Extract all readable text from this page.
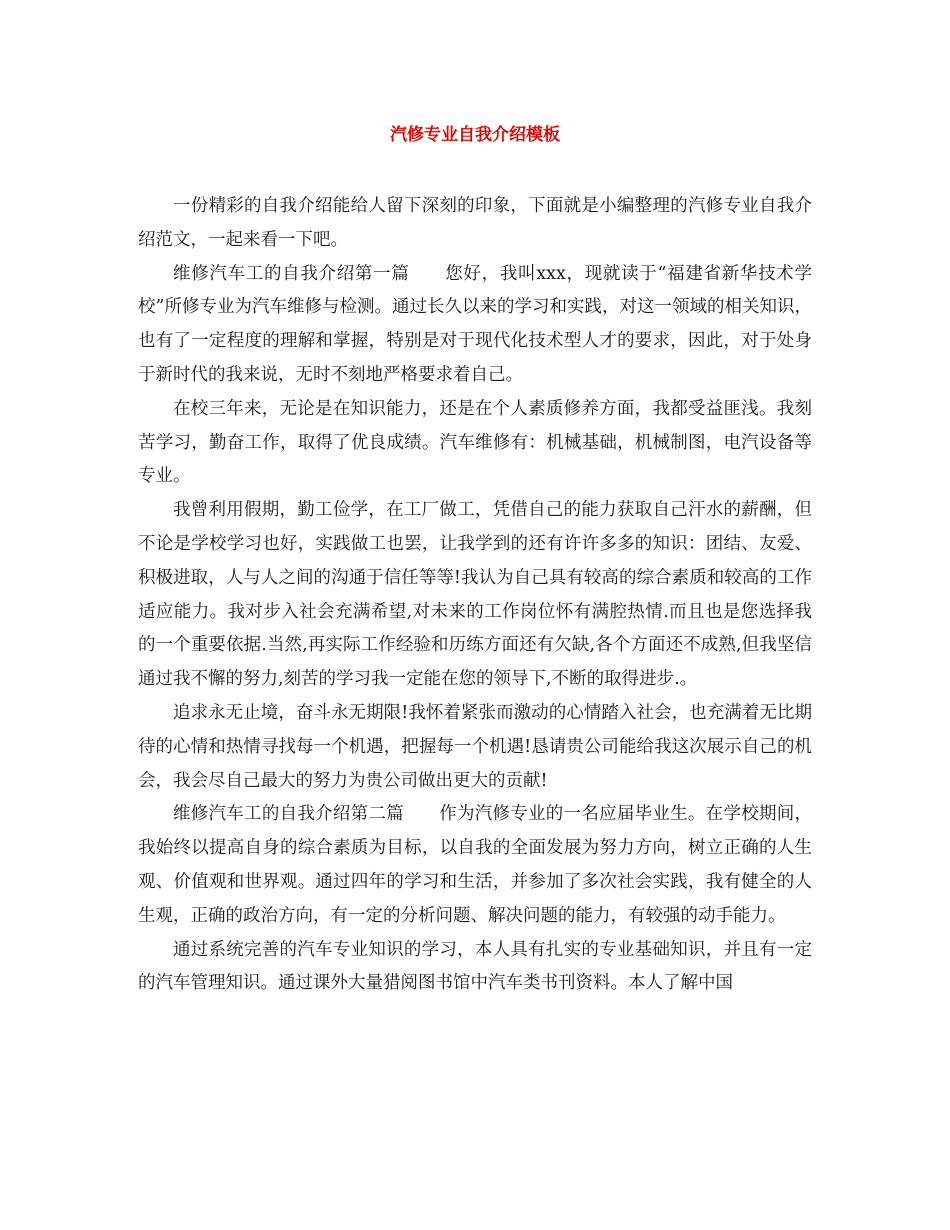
汽修专业自我介绍模板

一份精彩的自我介绍能给人留下深刻的印象，下面就是小编整理的汽修专业自我介绍范文，一起来看一下吧。

维修汽车工的自我介绍第一篇 您好，我叫xxx，现就读于“福建省新华技术学校”所修专业为汽车维修与检测。通过长久以来的学习和实践，对这一领域的相关知识，也有了一定程度的理解和掌握，特别是对于现代化技术型人才的要求，因此，对于处身于新时代的我来说，无时不刻地严格要求着自己。

在校三年来，无论是在知识能力，还是在个人素质修养方面，我都受益匪浅。我刻苦学习，勤奋工作，取得了优良成绩。汽车维修有：机械基础，机械制图，电汽设备等专业。

我曾利用假期，勤工俭学，在工厂做工，凭借自己的能力获取自己汗水的薪酬，但不论是学校学习也好，实践做工也罢，让我学到的还有许许多多的知识：团结、友爱、积极进取，人与人之间的沟通于信任等等!我认为自己具有较高的综合素质和较高的工作适应能力。我对步入社会充满希望,对未来的工作岗位怀有满腔热情.而且也是您选择我的一个重要依据.当然,再实际工作经验和历练方面还有欠缺,各个方面还不成熟,但我坚信通过我不懈的努力,刻苦的学习我一定能在您的领导下,不断的取得进步.。

追求永无止境，奋斗永无期限!我怀着紧张而激动的心情踏入社会，也充满着无比期待的心情和热情寻找每一个机遇，把握每一个机遇!恳请贵公司能给我这次展示自己的机会，我会尽自己最大的努力为贵公司做出更大的贡献!

维修汽车工的自我介绍第二篇 作为汽修专业的一名应届毕业生。在学校期间，我始终以提高自身的综合素质为目标，以自我的全面发展为努力方向，树立正确的人生观、价值观和世界观。通过四年的学习和生活，并参加了多次社会实践，我有健全的人生观，正确的政治方向，有一定的分析问题、解决问题的能力，有较强的动手能力。

通过系统完善的汽车专业知识的学习，本人具有扎实的专业基础知识，并且有一定的汽车管理知识。通过课外大量猎阅图书馆中汽车类书刊资料。本人了解中国
